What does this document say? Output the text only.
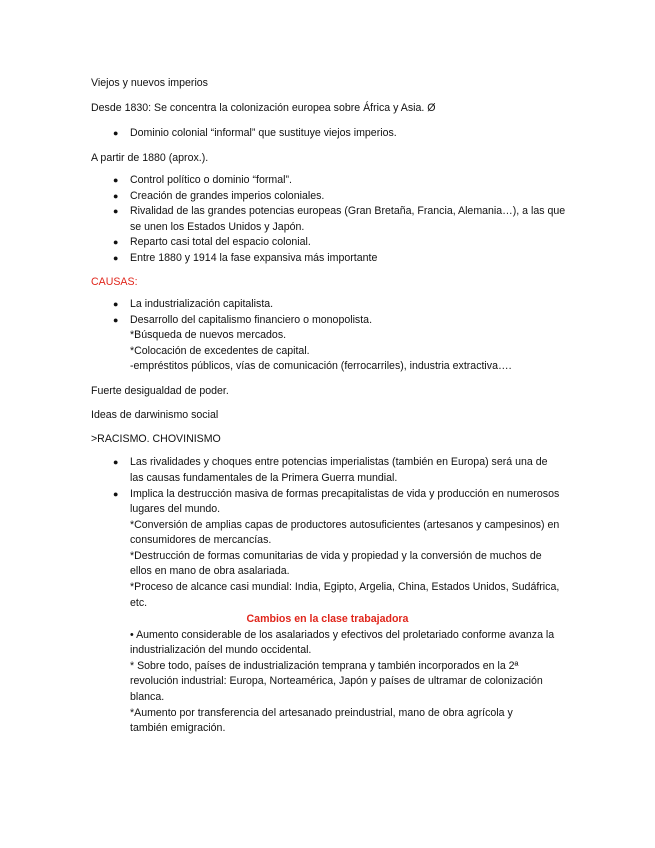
Viejos y nuevos imperios
Desde 1830: Se concentra la colonización europea sobre África y Asia. Ø
● Dominio colonial “informal” que sustituye viejos imperios.
A partir de 1880 (aprox.).
● Control político o dominio “formal”.
● Creación de grandes imperios coloniales.
● Rivalidad de las grandes potencias europeas (Gran Bretaña, Francia, Alemania…), a las que
se unen los Estados Unidos y Japón.
● Reparto casi total del espacio colonial.
● Entre 1880 y 1914 la fase expansiva más importante
CAUSAS:
● La industrialización capitalista.
● Desarrollo del capitalismo financiero o monopolista.
*Búsqueda de nuevos mercados.
*Colocación de excedentes de capital.
-empréstitos públicos, vías de comunicación (ferrocarriles), industria extractiva….
Fuerte desigualdad de poder.
Ideas de darwinismo social
>RACISMO. CHOVINISMO
● Las rivalidades y choques entre potencias imperialistas (también en Europa) será una de
las causas fundamentales de la Primera Guerra mundial.
● Implica la destrucción masiva de formas precapitalistas de vida y producción en numerosos
lugares del mundo.
*Conversión de amplias capas de productores autosuficientes (artesanos y campesinos) en
consumidores de mercancías.
*Destrucción de formas comunitarias de vida y propiedad y la conversión de muchos de
ellos en mano de obra asalariada.
*Proceso de alcance casi mundial: India, Egipto, Argelia, China, Estados Unidos, Sudáfrica,
etc.
Cambios en la clase trabajadora
• Aumento considerable de los asalariados y efectivos del proletariado conforme avanza la
industrialización del mundo occidental.
* Sobre todo, países de industrialización temprana y también incorporados en la 2ª
revolución industrial: Europa, Norteamérica, Japón y países de ultramar de colonización
blanca.
*Aumento por transferencia del artesanado preindustrial, mano de obra agrícola y
también emigración.
